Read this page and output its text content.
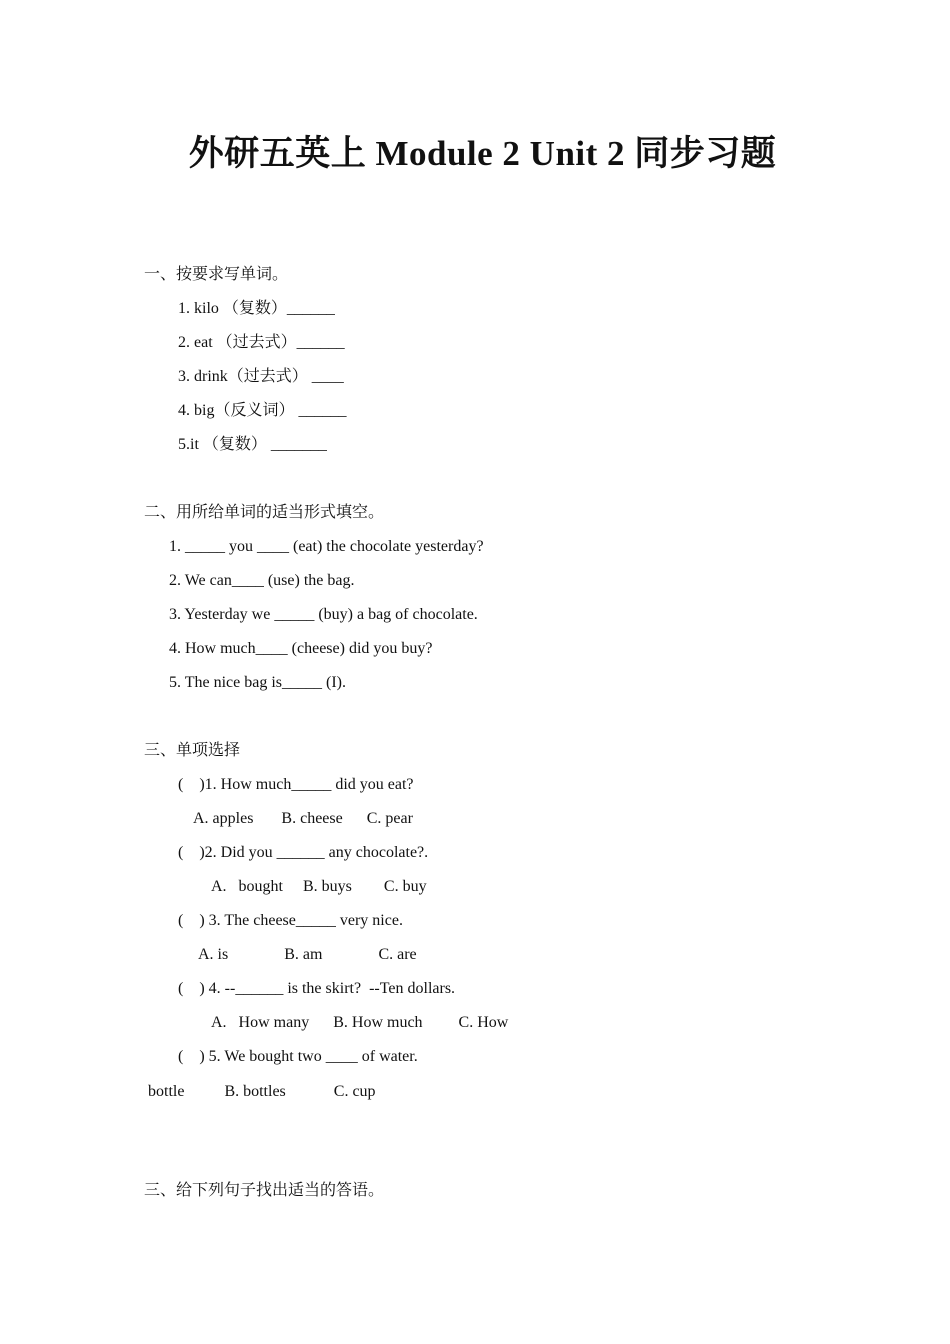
外研五英上 Module 2 Unit 2 同步习题
一、按要求写单词。
1. kilo （复数）______
2. eat （过去式）______
3. drink（过去式） ____
4. big（反义词） ______
5.it （复数） _______
二、用所给单词的适当形式填空。
1. _____ you ____ (eat) the chocolate yesterday?
2. We can____ (use) the bag.
3. Yesterday we _____ (buy) a bag of chocolate.
4. How much____ (cheese) did you buy?
5. The nice bag is_____ (I).
三、单项选择
(    )1. How much_____ did you eat?
A. apples       B. cheese      C. pear
(    )2. Did you ______ any chocolate?.
A.   bought     B. buys        C. buy
(    ) 3. The cheese_____ very nice.
A. is              B. am              C. are
(    ) 4. --______ is the skirt?  --Ten dollars.
A.   How many      B. How much         C. How
(    ) 5. We bought two ____ of water.
bottle          B. bottles            C. cup
三、给下列句子找出适当的答语。
